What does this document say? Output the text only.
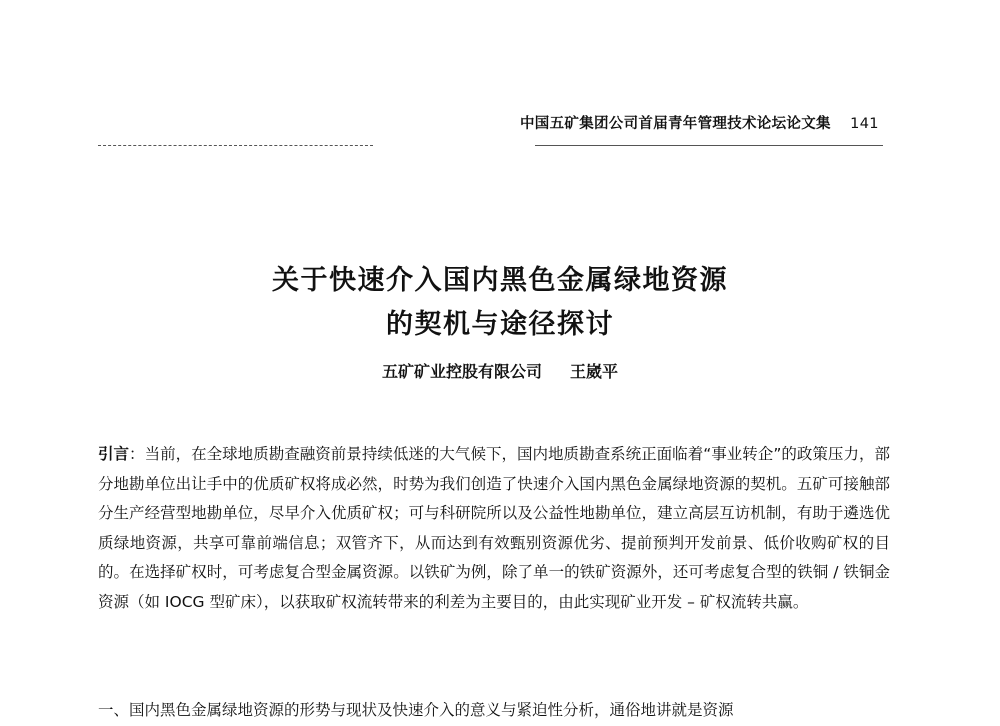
中国五矿集团公司首届青年管理技术论坛论文集 141
关于快速介入国内黑色金属绿地资源
的契机与途径探讨
五矿矿业控股有限公司 王崴平
引言：当前，在全球地质勘查融资前景持续低迷的大气候下，国内地质勘查系统正面临着“事业转企”的政策压力，部分地勘单位出让手中的优质矿权将成必然，时势为我们创造了快速介入国内黑色金属绿地资源的契机。五矿可接触部分生产经营型地勘单位，尽早介入优质矿权；可与科研院所以及公益性地勘单位，建立高层互访机制，有助于遴选优质绿地资源，共享可靠前端信息；双管齐下，从而达到有效甄别资源优劣、提前预判开发前景、低价收购矿权的目的。在选择矿权时，可考虑复合型金属资源。以铁矿为例，除了单一的铁矿资源外，还可考虑复合型的铁铜 / 铁铜金资源（如 IOCG 型矿床），以获取矿权流转带来的利差为主要目的，由此实现矿业开发 – 矿权流转共赢。
一、国内黑色金属绿地资源的形势与现状及快速介入的意义与紧迫性分析，通俗地讲就是资源
